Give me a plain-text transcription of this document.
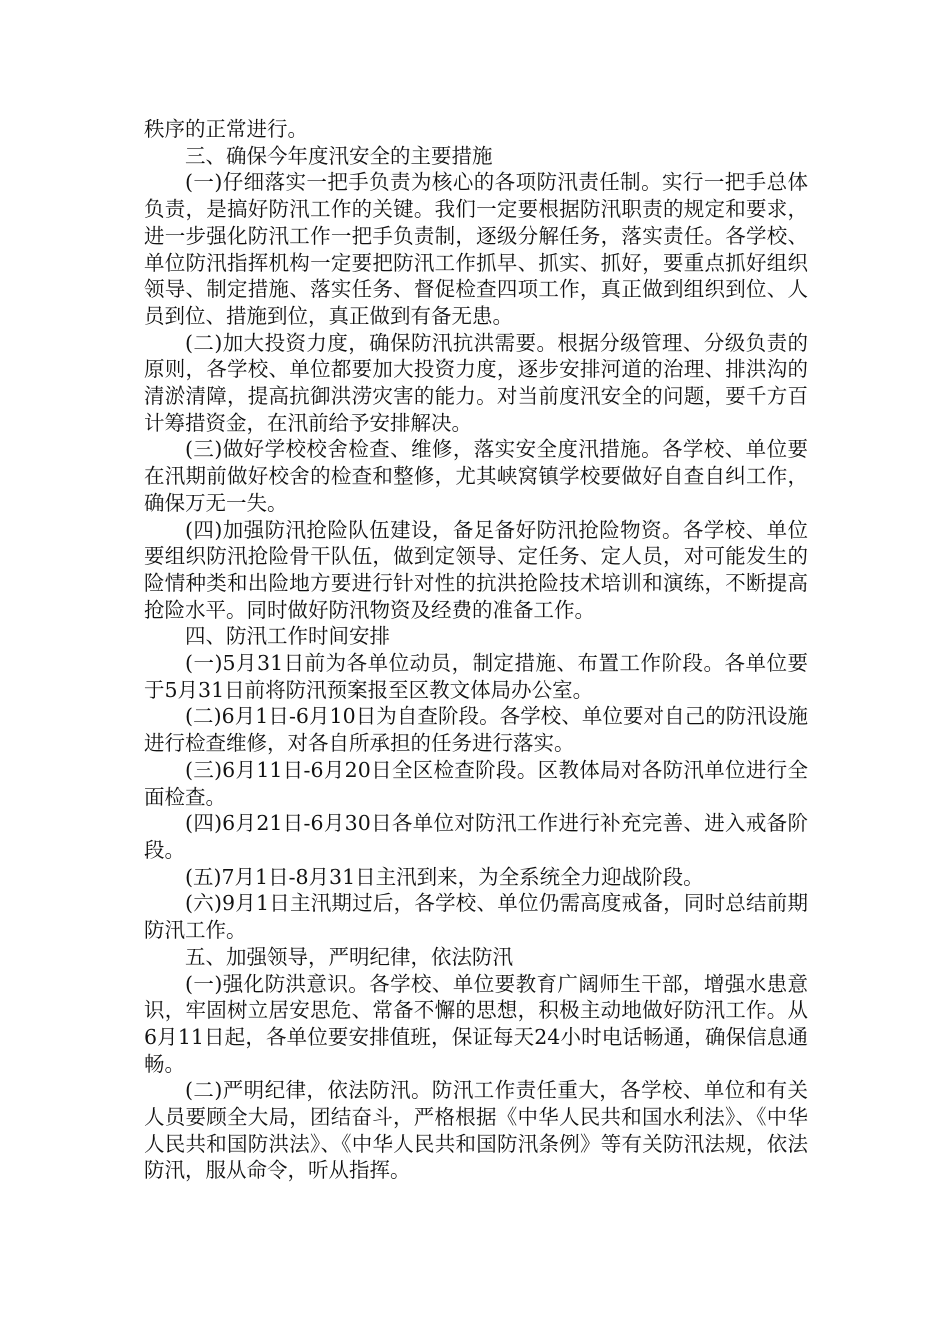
秩序的正常进行。

三、确保今年度汛安全的主要措施

(一)仔细落实一把手负责为核心的各项防汛责任制。实行一把手总体负责，是搞好防汛工作的关键。我们一定要根据防汛职责的规定和要求，进一步强化防汛工作一把手负责制，逐级分解任务，落实责任。各学校、单位防汛指挥机构一定要把防汛工作抓早、抓实、抓好，要重点抓好组织领导、制定措施、落实任务、督促检查四项工作，真正做到组织到位、人员到位、措施到位，真正做到有备无患。

(二)加大投资力度，确保防汛抗洪需要。根据分级管理、分级负责的原则，各学校、单位都要加大投资力度，逐步安排河道的治理、排洪沟的清淤清障，提高抗御洪涝灾害的能力。对当前度汛安全的问题，要千方百计筹措资金，在汛前给予安排解决。

(三)做好学校校舍检查、维修，落实安全度汛措施。各学校、单位要在汛期前做好校舍的检查和整修，尤其峡窝镇学校要做好自查自纠工作，确保万无一失。

(四)加强防汛抢险队伍建设，备足备好防汛抢险物资。各学校、单位要组织防汛抢险骨干队伍，做到定领导、定任务、定人员，对可能发生的险情种类和出险地方要进行针对性的抗洪抢险技术培训和演练，不断提高抢险水平。同时做好防汛物资及经费的准备工作。

四、防汛工作时间安排

(一)5月31日前为各单位动员，制定措施、布置工作阶段。各单位要于5月31日前将防汛预案报至区教文体局办公室。

(二)6月1日-6月10日为自查阶段。各学校、单位要对自己的防汛设施进行检查维修，对各自所承担的任务进行落实。

(三)6月11日-6月20日全区检查阶段。区教体局对各防汛单位进行全面检查。

(四)6月21日-6月30日各单位对防汛工作进行补充完善、进入戒备阶段。

(五)7月1日-8月31日主汛到来，为全系统全力迎战阶段。

(六)9月1日主汛期过后，各学校、单位仍需高度戒备，同时总结前期防汛工作。

五、加强领导，严明纪律，依法防汛

(一)强化防洪意识。各学校、单位要教育广阔师生干部，增强水患意识，牢固树立居安思危、常备不懈的思想，积极主动地做好防汛工作。从6月11日起，各单位要安排值班，保证每天24小时电话畅通，确保信息通畅。

(二)严明纪律，依法防汛。防汛工作责任重大，各学校、单位和有关人员要顾全大局，团结奋斗，严格根据《中华人民共和国水利法》、《中华人民共和国防洪法》、《中华人民共和国防汛条例》等有关防汛法规，依法防汛，服从命令，听从指挥。
